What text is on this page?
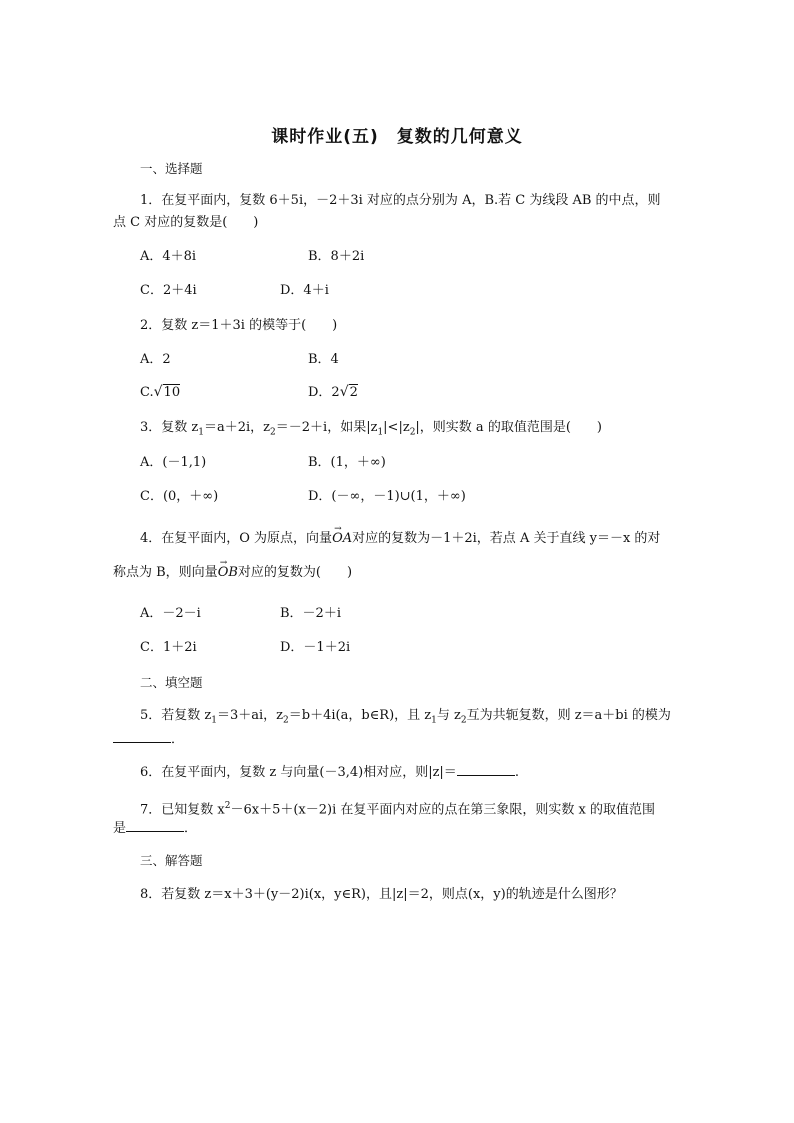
课时作业(五)　复数的几何意义
一、选择题
1．在复平面内，复数 6＋5i，－2＋3i 对应的点分别为 A，B.若 C 为线段 AB 的中点，则
点 C 对应的复数是(　　)
A．4＋8i	B．8＋2i
C．2＋4i	D．4＋i
2．复数 z＝1＋3i 的模等于(　　)
A．2	B．4
C.√10	D．2√2
3．复数 $z_1=a+2i$，$z_2=-2+i$，如果$|z_1|<|z_2|$，则实数 a 的取值范围是(　　)
A．(－1,1)	B．(1，＋∞)
C．(0，＋∞)	D．(－∞，－1)∪(1，＋∞)
4．在复平面内，O 为原点，向量→ OA对应的复数为－1＋2i，若点 A 关于直线 y＝－x 的对
称点为 B，则向量→ OB对应的复数为(　　)
A．－2－i	B．－2＋i
C．1＋2i	D．－1＋2i
二、填空题
5．若复数 $z_1=3+ai$，$z_2=b+4i(a$，b∈R)，且 $z_1$与 $z_2$互为共轭复数，则 z＝a＋bi 的模为
．
6．在复平面内，复数 z 与向量(－3,4)相对应，则|z|＝	.
7．已知复数 $x^2-6x+5+(x-2)i$ 在复平面内对应的点在第三象限，则实数 x 的取值范围
是	．
三、解答题
8．若复数 z＝x＋3＋(y－2)i(x，y∈R)，且|z|＝2，则点(x，y)的轨迹是什么图形？
